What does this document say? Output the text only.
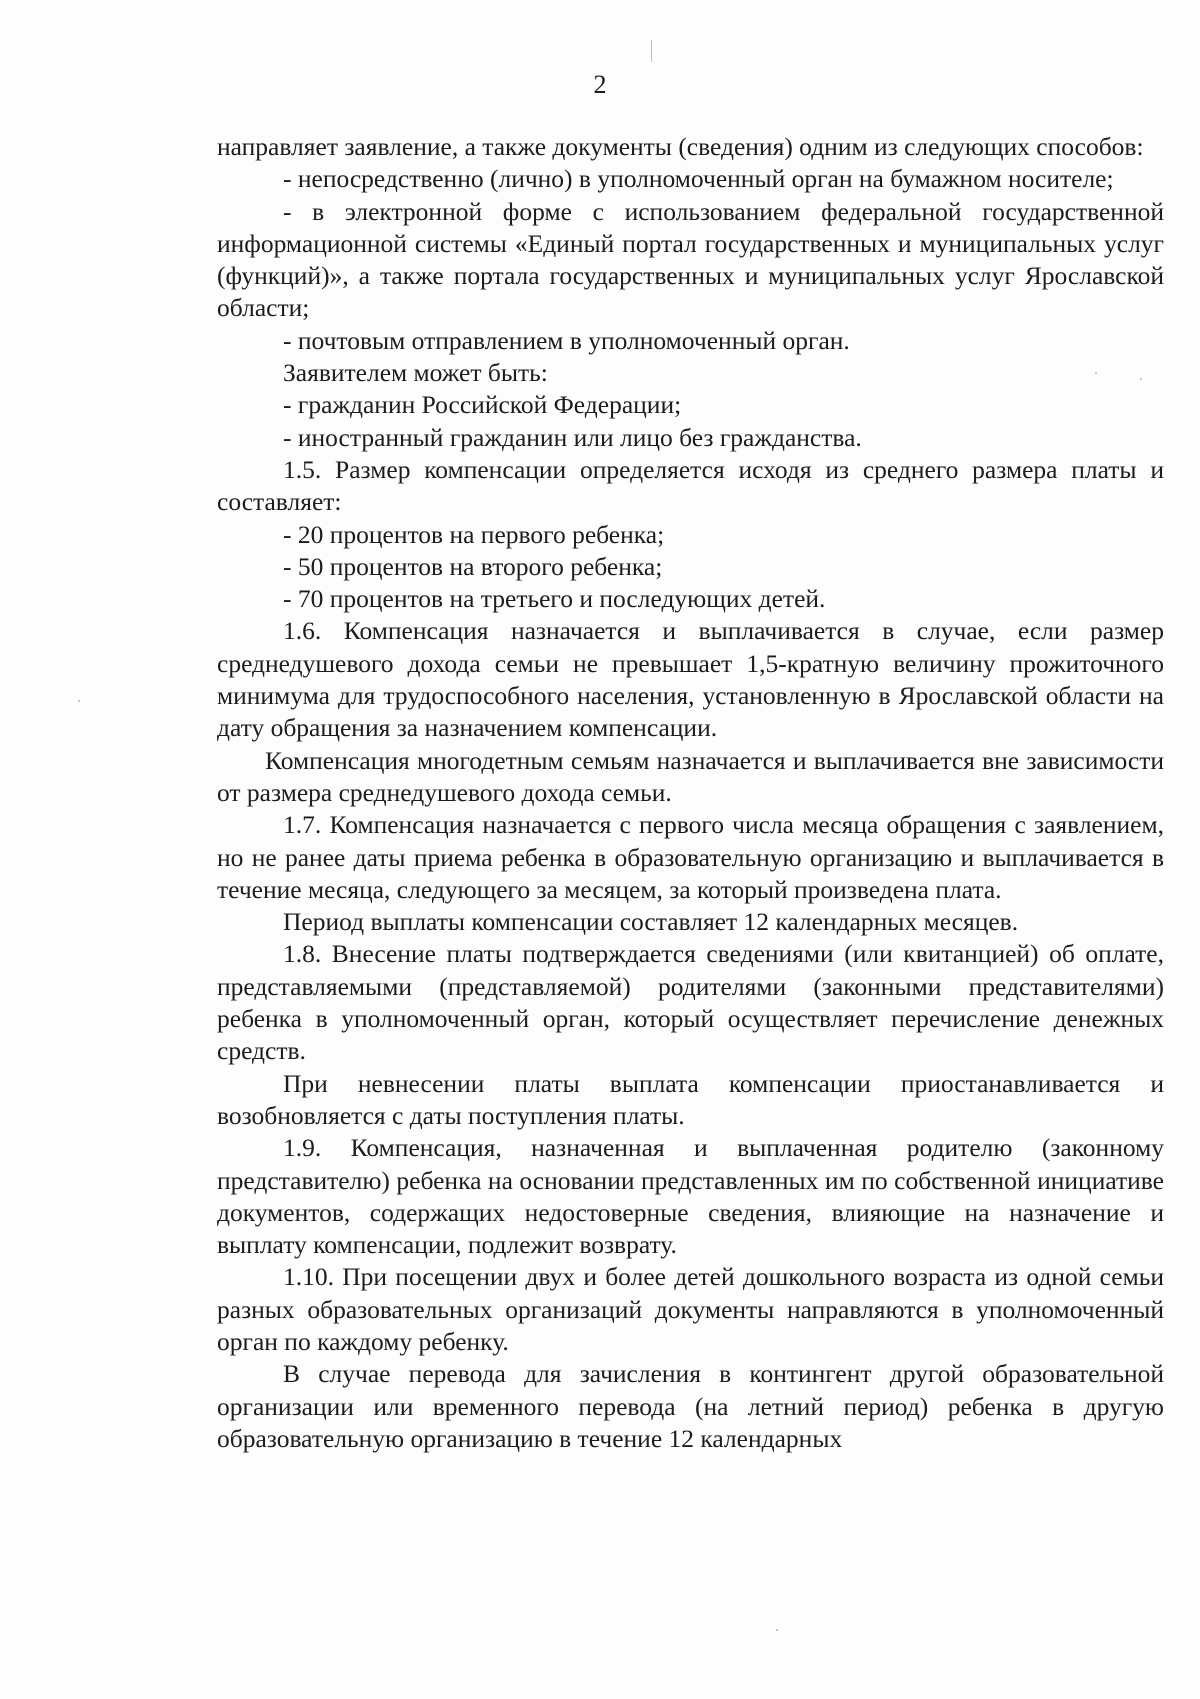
2

направляет заявление, а также документы (сведения) одним из следующих способов:

- непосредственно (лично) в уполномоченный орган на бумажном носителе;

- в электронной форме с использованием федеральной государственной информационной системы «Единый портал государственных и муниципальных услуг (функций)», а также портала государственных и муниципальных услуг Ярославской области;

- почтовым отправлением в уполномоченный орган.

Заявителем может быть:

- гражданин Российской Федерации;

- иностранный гражданин или лицо без гражданства.

1.5. Размер компенсации определяется исходя из среднего размера платы и составляет:

- 20 процентов на первого ребенка;

- 50 процентов на второго ребенка;

- 70 процентов на третьего и последующих детей.

1.6. Компенсация назначается и выплачивается в случае, если размер среднедушевого дохода семьи не превышает 1,5-кратную величину прожиточного минимума для трудоспособного населения, установленную в Ярославской области на дату обращения за назначением компенсации.

Компенсация многодетным семьям назначается и выплачивается вне зависимости от размера среднедушевого дохода семьи.

1.7. Компенсация назначается с первого числа месяца обращения с заявлением, но не ранее даты приема ребенка в образовательную организацию и выплачивается в течение месяца, следующего за месяцем, за который произведена плата.

Период выплаты компенсации составляет 12 календарных месяцев.

1.8. Внесение платы подтверждается сведениями (или квитанцией) об оплате, представляемыми (представляемой) родителями (законными представителями) ребенка в уполномоченный орган, который осуществляет перечисление денежных средств.

При невнесении платы выплата компенсации приостанавливается и возобновляется с даты поступления платы.

1.9. Компенсация, назначенная и выплаченная родителю (законному представителю) ребенка на основании представленных им по собственной инициативе документов, содержащих недостоверные сведения, влияющие на назначение и выплату компенсации, подлежит возврату.

1.10. При посещении двух и более детей дошкольного возраста из одной семьи разных образовательных организаций документы направляются в уполномоченный орган по каждому ребенку.

В случае перевода для зачисления в контингент другой образовательной организации или временного перевода (на летний период) ребенка в другую образовательную организацию в течение 12 календарных
